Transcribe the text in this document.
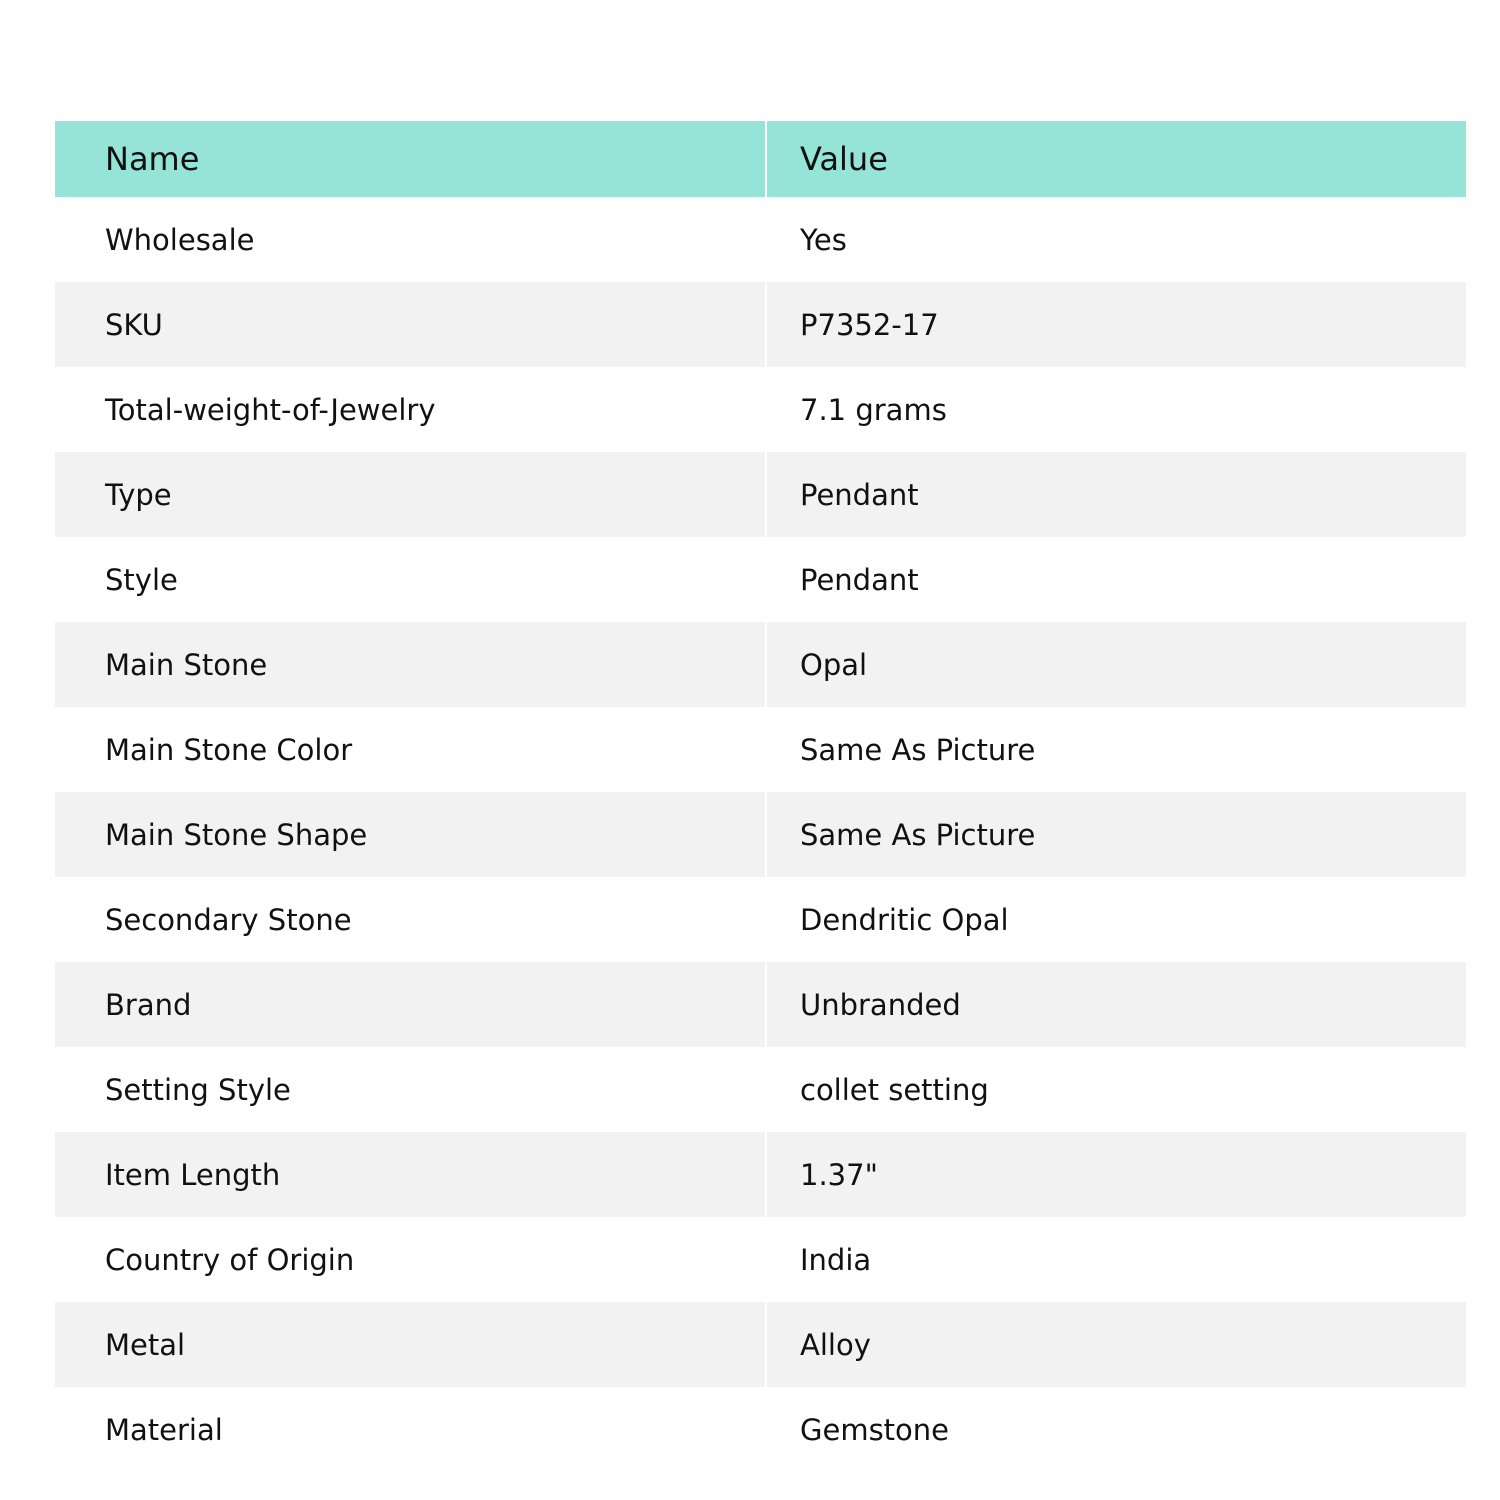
Name	Value
Wholesale	Yes
SKU	P7352-17
Total-weight-of-Jewelry	7.1 grams
Type	Pendant
Style	Pendant
Main Stone	Opal
Main Stone Color	Same As Picture
Main Stone Shape	Same As Picture
Secondary Stone	Dendritic Opal
Brand	Unbranded
Setting Style	collet setting
Item Length	1.37"
Country of Origin	India
Metal	Alloy
Material	Gemstone
